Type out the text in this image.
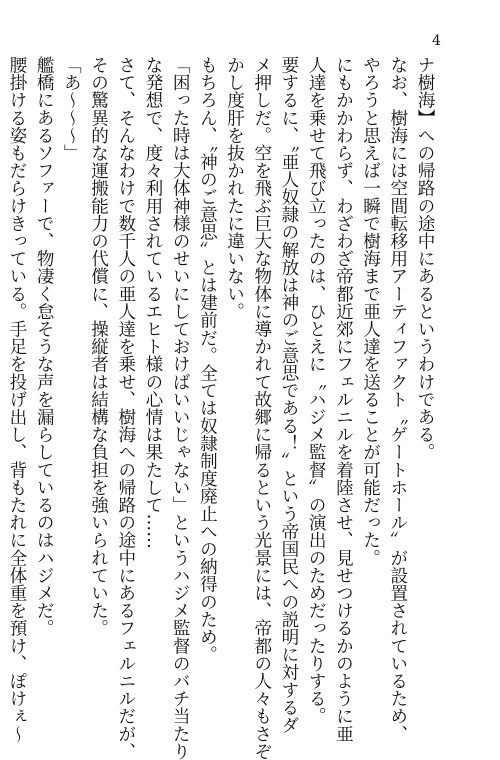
4

ナ樹海】への帰路の途中にあるというわけである。

なお、樹海には空間転移用アーティファクト〝ゲートホール〟が設置されているため、

やろうと思えば一瞬で樹海まで亜人達を送ることが可能だった。

にもかかわらず、わざわざ帝都近郊にフェルニルを着陸させ、見せつけるかのように亜

人達を乗せて飛び立ったのは、ひとえに〝ハジメ監督〟の演出のためだったりする。

要するに、〝亜人奴隷の解放は神のご意思である！〟という帝国民への説明に対するダ

メ押しだ。空を飛ぶ巨大な物体に導かれて故郷に帰るという光景には、帝都の人々もさぞ

かし度肝を抜かれたに違いない。

もちろん、〝神のご意思〟とは建前だ。全ては奴隷制度廃止への納得のため。

「困った時は大体神様のせいにしておけばいいじゃない」というハジメ監督のバチ当たり

な発想で、度々利用されているエヒト様の心情は果たして……

さて、そんなわけで数千人の亜人達を乗せ、樹海への帰路の途中にあるフェルニルだが、

その驚異的な運搬能力の代償に、操縦者は結構な負担を強いられていた。

「あ～～～」

艦橋にあるソファーで、物凄く怠そうな声を漏らしているのはハジメだ。

腰掛ける姿もだらけきっている。手足を投げ出し、背もたれに全体重を預け、ぽけぇ～
